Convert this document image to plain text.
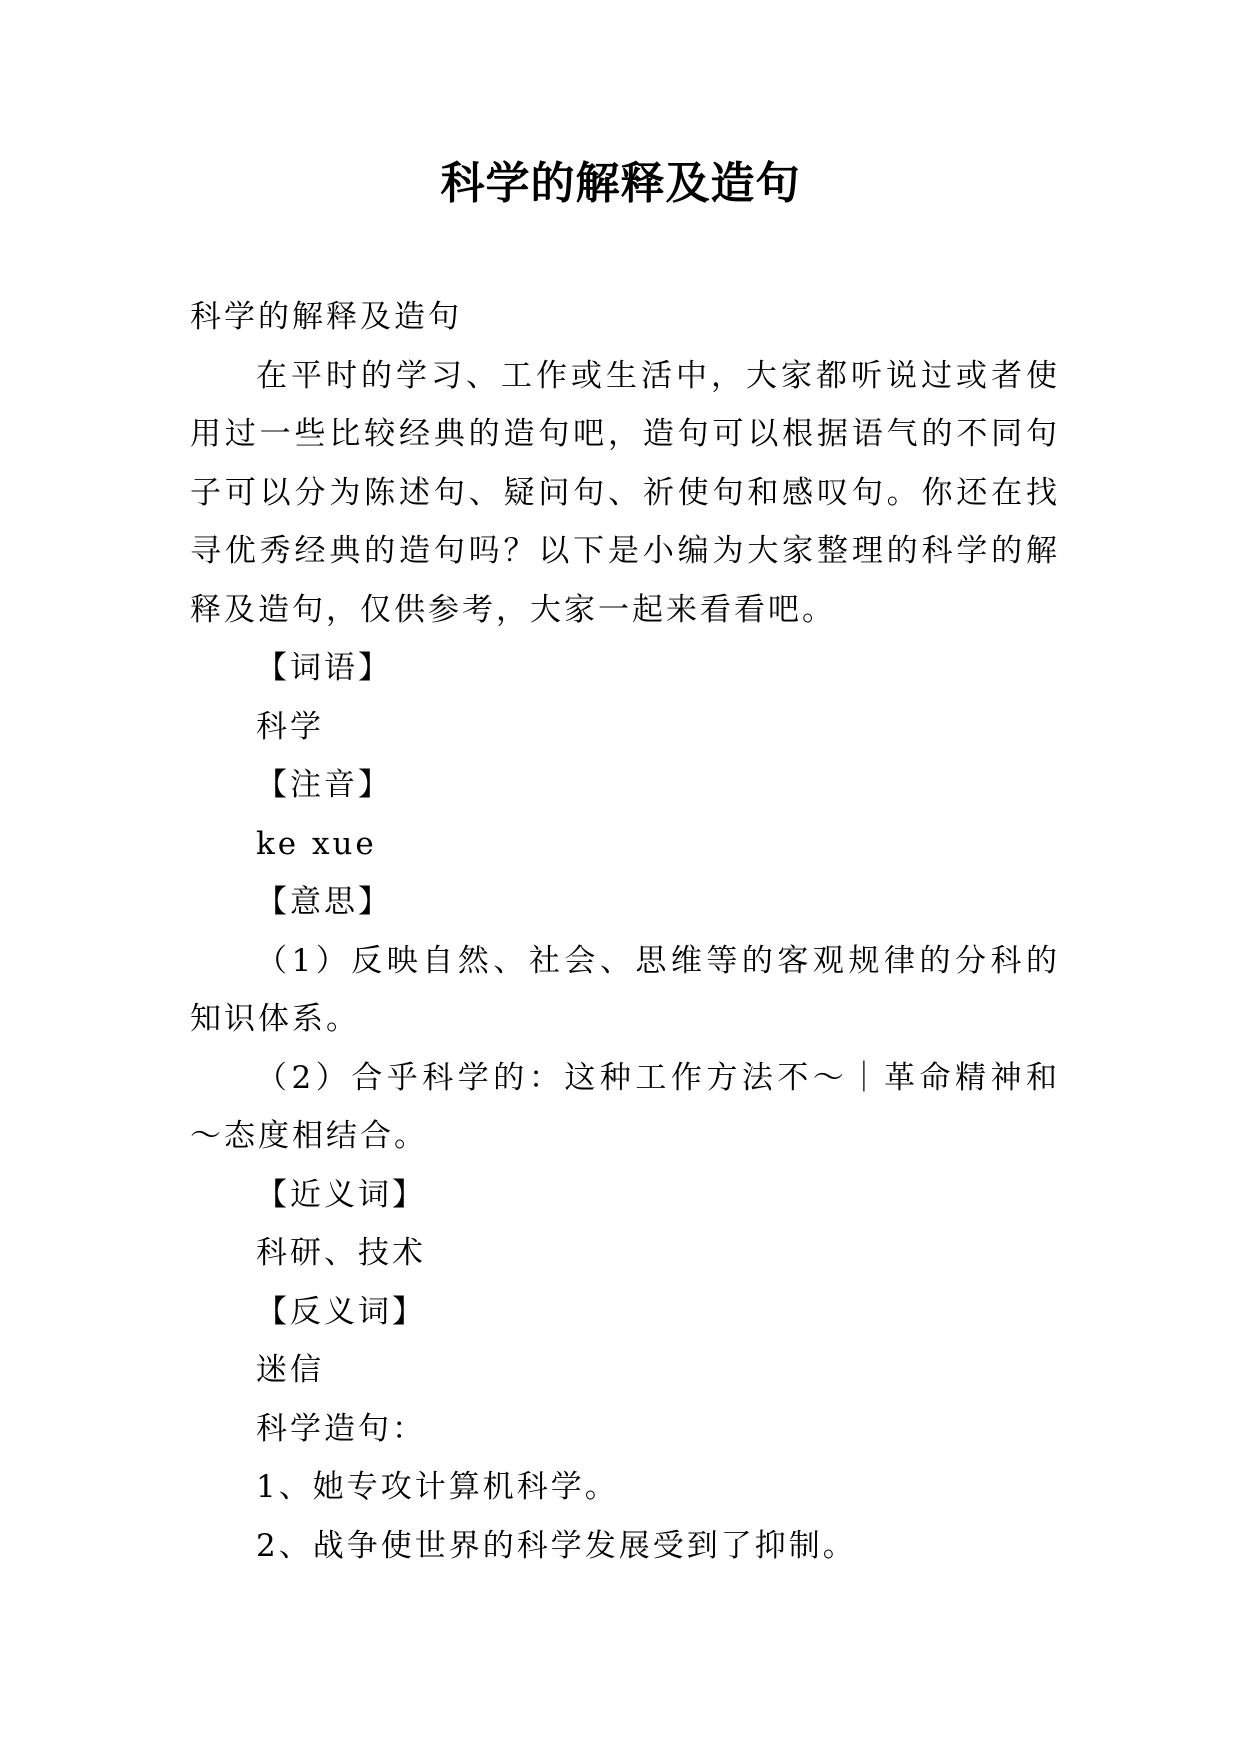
科学的解释及造句

科学的解释及造句

在平时的学习、工作或生活中，大家都听说过或者使用过一些比较经典的造句吧，造句可以根据语气的不同句子可以分为陈述句、疑问句、祈使句和感叹句。你还在找寻优秀经典的造句吗？以下是小编为大家整理的科学的解释及造句，仅供参考，大家一起来看看吧。

【词语】

科学

【注音】

ke xue

【意思】

（1）反映自然、社会、思维等的客观规律的分科的知识体系。

（2）合乎科学的：这种工作方法不～｜革命精神和～态度相结合。

【近义词】

科研、技术

【反义词】

迷信

科学造句：

1、她专攻计算机科学。

2、战争使世界的科学发展受到了抑制。
